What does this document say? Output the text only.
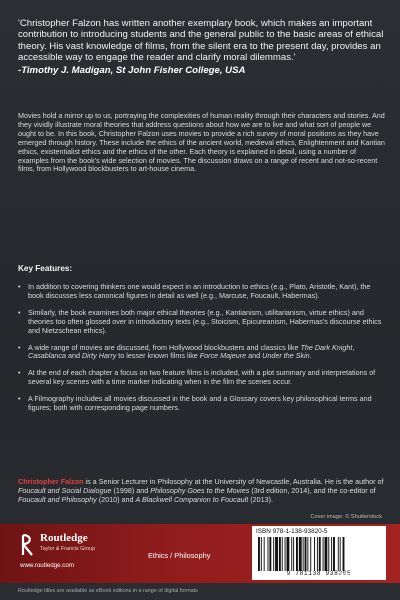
'Christopher Falzon has written another exemplary book, which makes an important contribution to introducing students and the general public to the basic areas of ethical theory. His vast knowledge of films, from the silent era to the present day, provides an accessible way to engage the reader and clarify moral dilemmas.'

-Timothy J. Madigan, St John Fisher College, USA

Movies hold a mirror up to us, portraying the complexities of human reality through their characters and stories. And they vividly illustrate moral theories that address questions about how we are to live and what sort of people we ought to be. In this book, Christopher Falzon uses movies to provide a rich survey of moral positions as they have emerged through history. These include the ethics of the ancient world, medieval ethics, Enlightenment and Kantian ethics, existentialist ethics and the ethics of the other. Each theory is explained in detail, using a number of examples from the book's wide selection of movies. The discussion draws on a range of recent and not-so-recent films, from Hollywood blockbusters to art-house cinema.

Key Features:

• In addition to covering thinkers one would expect in an introduction to ethics (e.g., Plato, Aristotle, Kant), the book discusses less canonical figures in detail as well (e.g., Marcuse, Foucault, Habermas).
• Similarly, the book examines both major ethical theories (e.g., Kantianism, utilitarianism, virtue ethics) and theories too often glossed over in introductory texts (e.g., Stoicism, Epicureanism, Habermas's discourse ethics and Nietzschean ethics).
• A wide range of movies are discussed, from Hollywood blockbusters and classics like The Dark Knight, Casablanca and Dirty Harry to lesser known films like Force Majeure and Under the Skin.
• At the end of each chapter a focus on two feature films is included, with a plot summary and interpretations of several key scenes with a time marker indicating when in the film the scenes occur.
• A Filmography includes all movies discussed in the book and a Glossary covers key philosophical terms and figures; both with corresponding page numbers.

Christopher Falzon is a Senior Lecturer in Philosophy at the University of Newcastle, Australia. He is the author of Foucault and Social Dialogue (1998) and Philosophy Goes to the Movies (3rd edition, 2014), and the co-editor of Foucault and Philosophy (2010) and A Blackwell Companion to Foucault (2013).

Cover image: © Shutterstock
Routledge
Taylor & Francis Group
www.routledge.com
Ethics / Philosophy
ISBN 978-1-138-93820-5
9 781138 938205
an informa business
Routledge titles are available as eBook editions in a range of digital formats
